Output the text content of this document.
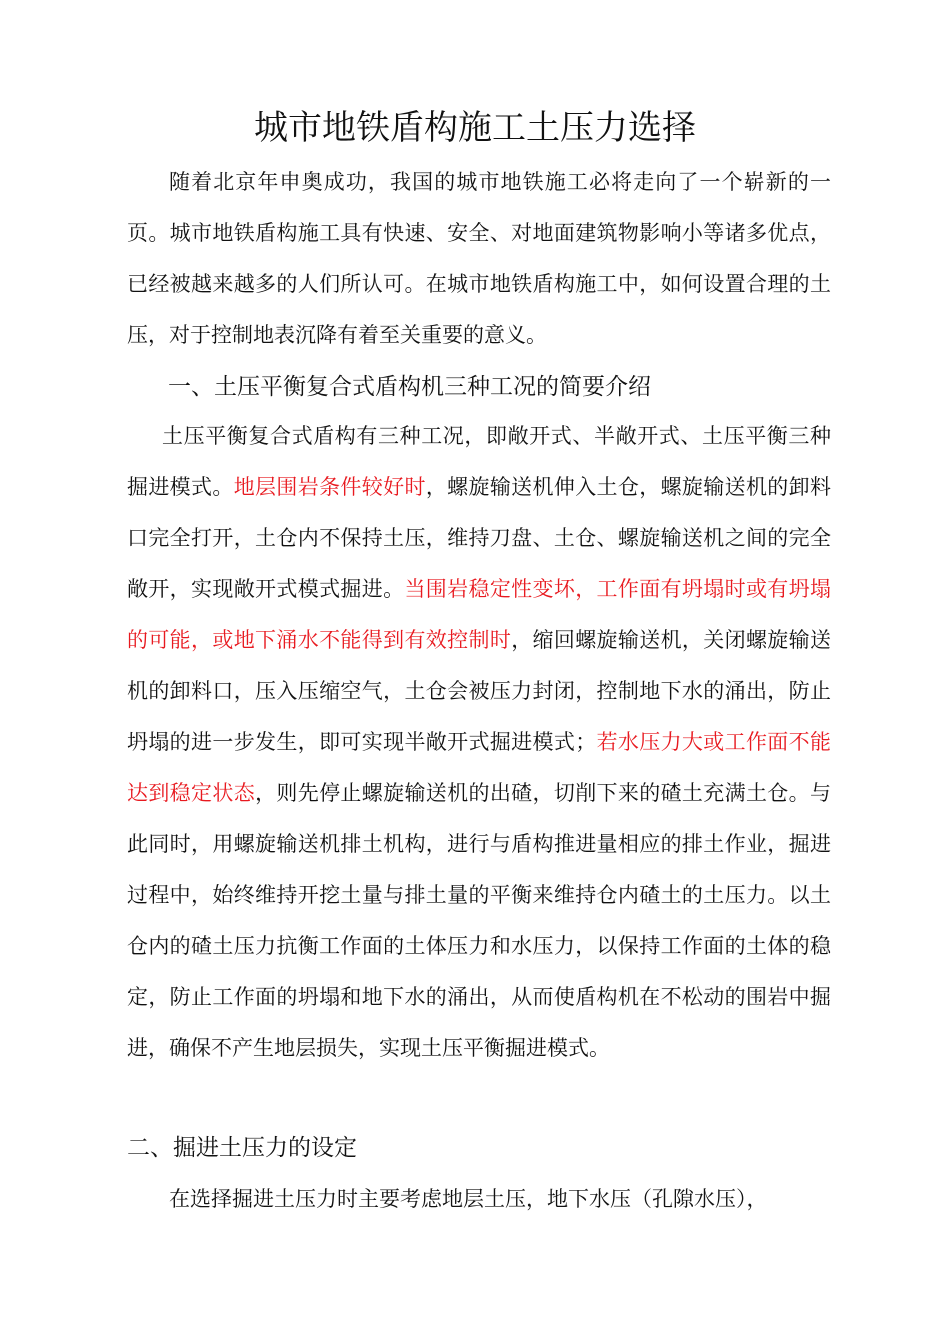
城市地铁盾构施工土压力选择

随着北京年申奥成功，我国的城市地铁施工必将走向了一个崭新的一页。城市地铁盾构施工具有快速、安全、对地面建筑物影响小等诸多优点，已经被越来越多的人们所认可。在城市地铁盾构施工中，如何设置合理的土压，对于控制地表沉降有着至关重要的意义。

一、土压平衡复合式盾构机三种工况的简要介绍

土压平衡复合式盾构有三种工况，即敞开式、半敞开式、土压平衡三种掘进模式。地层围岩条件较好时，螺旋输送机伸入土仓，螺旋输送机的卸料口完全打开，土仓内不保持土压，维持刀盘、土仓、螺旋输送机之间的完全敞开，实现敞开式模式掘进。当围岩稳定性变坏，工作面有坍塌时或有坍塌的可能，或地下涌水不能得到有效控制时，缩回螺旋输送机，关闭螺旋输送机的卸料口，压入压缩空气，土仓会被压力封闭，控制地下水的涌出，防止坍塌的进一步发生，即可实现半敞开式掘进模式；若水压力大或工作面不能达到稳定状态，则先停止螺旋输送机的出碴，切削下来的碴土充满土仓。与此同时，用螺旋输送机排土机构，进行与盾构推进量相应的排土作业，掘进过程中，始终维持开挖土量与排土量的平衡来维持仓内碴土的土压力。以土仓内的碴土压力抗衡工作面的土体压力和水压力，以保持工作面的土体的稳定，防止工作面的坍塌和地下水的涌出，从而使盾构机在不松动的围岩中掘进，确保不产生地层损失，实现土压平衡掘进模式。

二、掘进土压力的设定

在选择掘进土压力时主要考虑地层土压，地下水压（孔隙水压），
